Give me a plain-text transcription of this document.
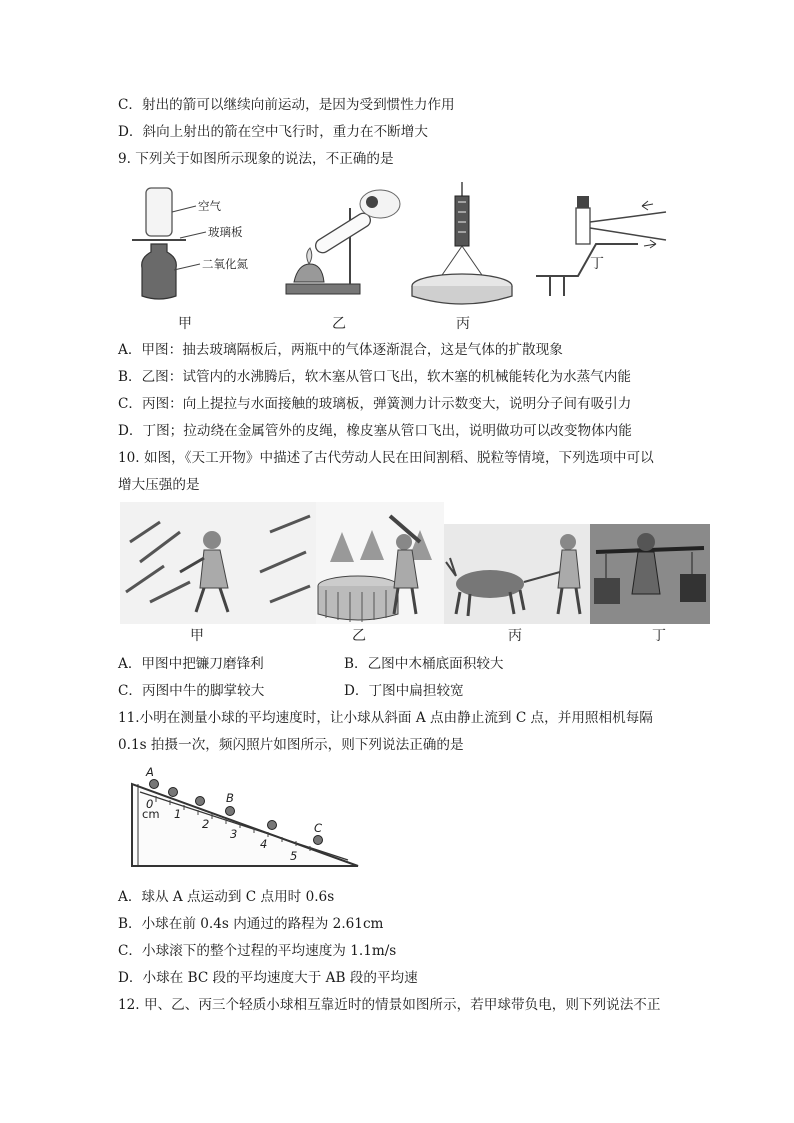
C．射出的箭可以继续向前运动，是因为受到惯性力作用
D．斜向上射出的箭在空中飞行时，重力在不断增大
9. 下列关于如图所示现象的说法，不正确的是
空气
玻璃板
二氧化氮
甲	乙	丙
丁
A．甲图：抽去玻璃隔板后，两瓶中的气体逐渐混合，这是气体的扩散现象
B．乙图：试管内的水沸腾后，软木塞从管口飞出，软木塞的机械能转化为水蒸气内能
C．丙图：向上提拉与水面接触的玻璃板，弹簧测力计示数变大，说明分子间有吸引力
D．丁图；拉动绕在金属管外的皮绳，橡皮塞从管口飞出，说明做功可以改变物体内能
10. 如图，《天工开物》中描述了古代劳动人民在田间割稻、脱粒等情境，下列选项中可以
增大压强的是
甲	乙	丙	丁
A．甲图中把镰刀磨锋利	B．乙图中木桶底面积较大
C．丙图中牛的脚掌较大	D．丁图中扁担较宽
11.小明在测量小球的平均速度时，让小球从斜面 A 点由静止流到 C 点，并用照相机每隔
0.1s 拍摄一次，频闪照片如图所示，则下列说法正确的是
A
B
C
cm
0
1
2
3
4
5
A．球从 A 点运动到 C 点用时 0.6s
B．小球在前 0.4s 内通过的路程为 2.61cm
C．小球滚下的整个过程的平均速度为 1.1m/s
D．小球在 BC 段的平均速度大于 AB 段的平均速
12. 甲、乙、丙三个轻质小球相互靠近时的情景如图所示，若甲球带负电，则下列说法不正
